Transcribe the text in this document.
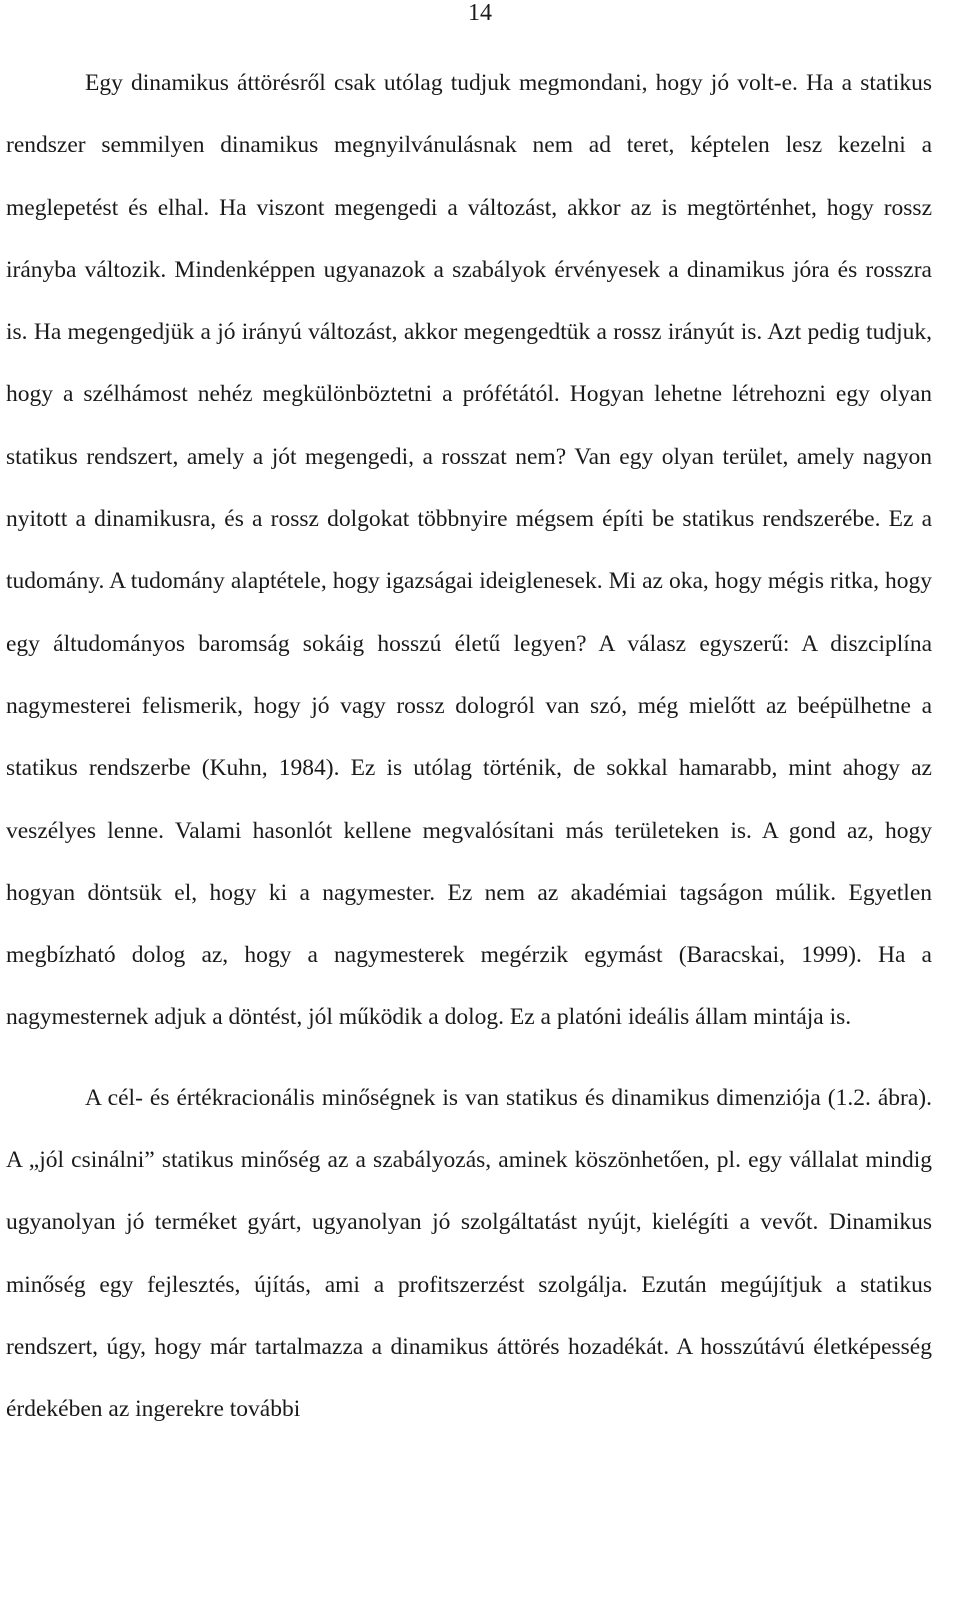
14

Egy dinamikus áttörésről csak utólag tudjuk megmondani, hogy jó volt-e. Ha a statikus rendszer semmilyen dinamikus megnyilvánulásnak nem ad teret, képtelen lesz kezelni a meglepetést és elhal. Ha viszont megengedi a változást, akkor az is megtörténhet, hogy rossz irányba változik. Mindenképpen ugyanazok a szabályok érvényesek a dinamikus jóra és rosszra is. Ha megengedjük a jó irányú változást, akkor megengedtük a rossz irányút is. Azt pedig tudjuk, hogy a szélhámost nehéz megkülönböztetni a prófétától. Hogyan lehetne létrehozni egy olyan statikus rendszert, amely a jót megengedi, a rosszat nem? Van egy olyan terület, amely nagyon nyitott a dinamikusra, és a rossz dolgokat többnyire mégsem építi be statikus rendszerébe. Ez a tudomány. A tudomány alaptétele, hogy igazságai ideiglenesek. Mi az oka, hogy mégis ritka, hogy egy áltudományos baromság sokáig hosszú életű legyen? A válasz egyszerű: A diszciplína nagymesterei felismerik, hogy jó vagy rossz dologról van szó, még mielőtt az beépülhetne a statikus rendszerbe (Kuhn, 1984). Ez is utólag történik, de sokkal hamarabb, mint ahogy az veszélyes lenne. Valami hasonlót kellene megvalósítani más területeken is. A gond az, hogy hogyan döntsük el, hogy ki a nagymester. Ez nem az akadémiai tagságon múlik. Egyetlen megbízható dolog az, hogy a nagymesterek megérzik egymást (Baracskai, 1999). Ha a nagymesternek adjuk a döntést, jól működik a dolog. Ez a platóni ideális állam mintája is.

A cél- és értékracionális minőségnek is van statikus és dinamikus dimenziója (1.2. ábra). A „jól csinálni” statikus minőség az a szabályozás, aminek köszönhetően, pl. egy vállalat mindig ugyanolyan jó terméket gyárt, ugyanolyan jó szolgáltatást nyújt, kielégíti a vevőt. Dinamikus minőség egy fejlesztés, újítás, ami a profitszerzést szolgálja. Ezután megújítjuk a statikus rendszert, úgy, hogy már tartalmazza a dinamikus áttörés hozadékát. A hosszútávú életképesség érdekében az ingerekre további
